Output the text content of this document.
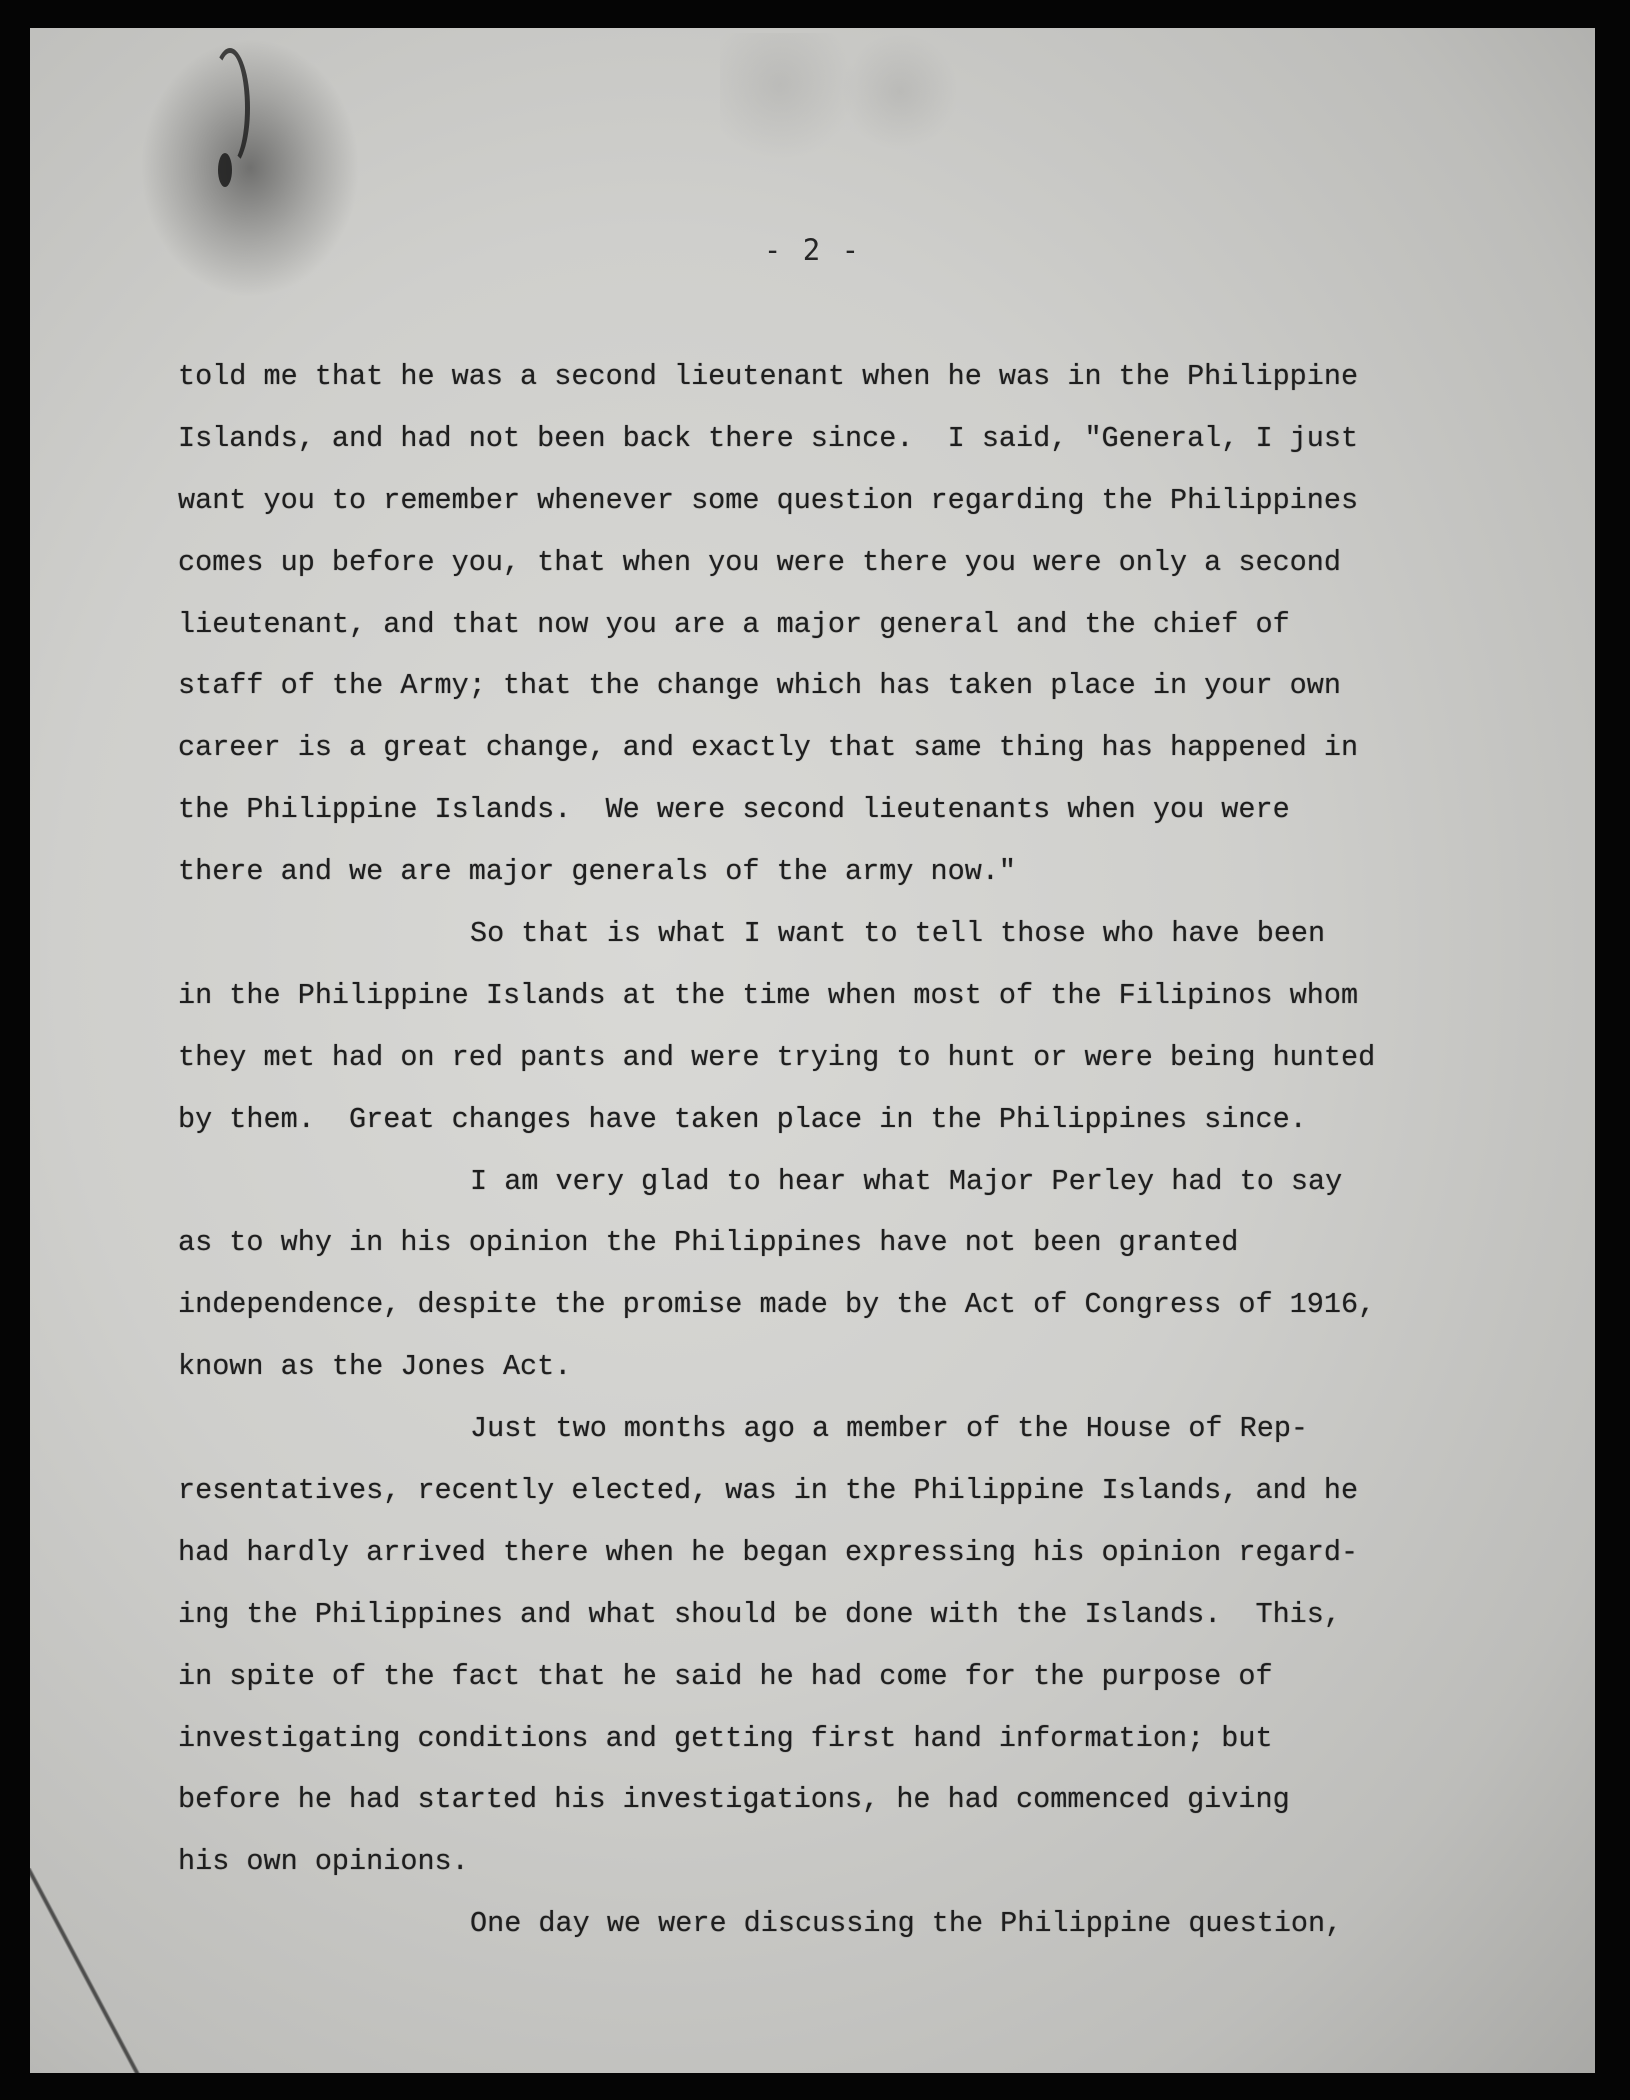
- 2 -
told me that he was a second lieutenant when he was in the Philippine
Islands, and had not been back there since.  I said, "General, I just
want you to remember whenever some question regarding the Philippines
comes up before you, that when you were there you were only a second
lieutenant, and that now you are a major general and the chief of
staff of the Army; that the change which has taken place in your own
career is a great change, and exactly that same thing has happened in
the Philippine Islands.  We were second lieutenants when you were
there and we are major generals of the army now."
So that is what I want to tell those who have been
in the Philippine Islands at the time when most of the Filipinos whom
they met had on red pants and were trying to hunt or were being hunted
by them.  Great changes have taken place in the Philippines since.
I am very glad to hear what Major Perley had to say
as to why in his opinion the Philippines have not been granted
independence, despite the promise made by the Act of Congress of 1916,
known as the Jones Act.
Just two months ago a member of the House of Rep-
resentatives, recently elected, was in the Philippine Islands, and he
had hardly arrived there when he began expressing his opinion regard-
ing the Philippines and what should be done with the Islands.  This,
in spite of the fact that he said he had come for the purpose of
investigating conditions and getting first hand information; but
before he had started his investigations, he had commenced giving
his own opinions.
One day we were discussing the Philippine question,
